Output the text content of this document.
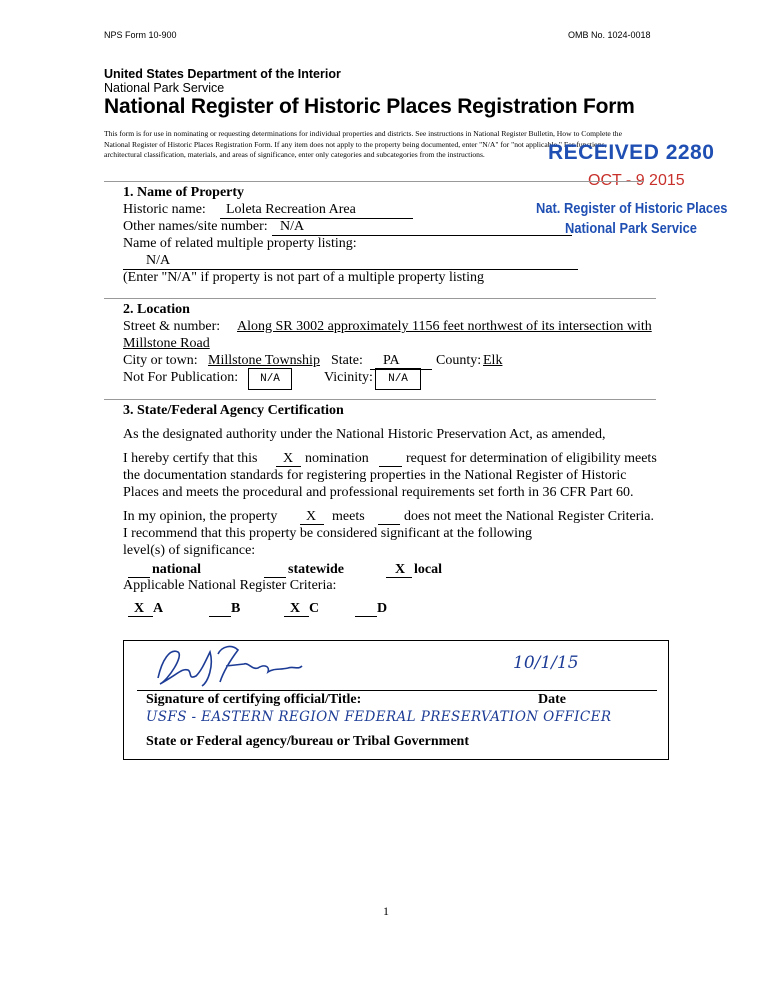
NPS Form 10-900	OMB No. 1024-0018
United States Department of the Interior
National Park Service
National Register of Historic Places Registration Form
This form is for use in nominating or requesting determinations for individual properties and districts. See instructions in National Register Bulletin, How to Complete the National Register of Historic Places Registration Form. If any item does not apply to the property being documented, enter "N/A" for "not applicable." For functions, architectural classification, materials, and areas of significance, enter only categories and subcategories from the instructions.	RECEIVED 2280
OCT - 9 2015
Nat. Register of Historic Places
National Park Service
1. Name of Property
Historic name: Loleta Recreation Area
Other names/site number: N/A
Name of related multiple property listing:
N/A
(Enter "N/A" if property is not part of a multiple property listing
2. Location
Street & number: Along SR 3002 approximately 1156 feet northwest of its intersection with
Millstone Road
City or town: Millstone Township State: PA	County: Elk
Not For Publication:	N/A	Vicinity:	N/A
3. State/Federal Agency Certification
As the designated authority under the National Historic Preservation Act, as amended,
I hereby certify that this X nomination	request for determination of eligibility meets
the documentation standards for registering properties in the National Register of Historic
Places and meets the procedural and professional requirements set forth in 36 CFR Part 60.
In my opinion, the property X meets	does not meet the National Register Criteria.
I recommend that this property be considered significant at the following
level(s) of significance:
national	statewide	X local
Applicable National Register Criteria:
X A	B	X C	D
10/1/15
Signature of certifying official/Title:	Date
USFS - EASTERN REGION FEDERAL PRESERVATION OFFICER
State or Federal agency/bureau or Tribal Government
1
